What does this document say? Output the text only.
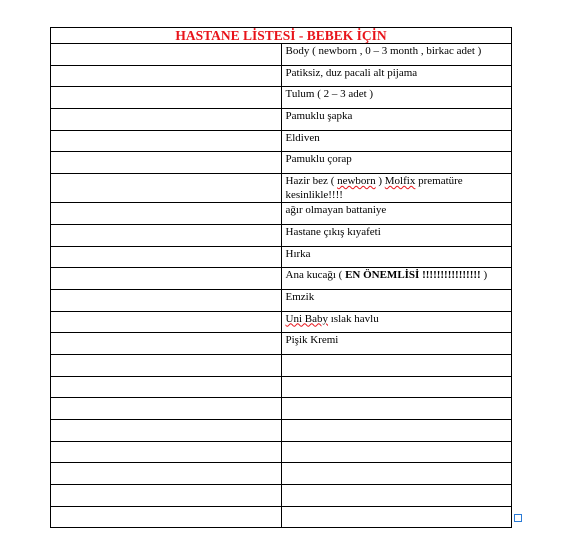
HASTANE LİSTESİ - BEBEK İÇİN	
	Body ( newborn , 0 – 3 month , birkac adet )
	Patiksiz, duz pacali alt pijama
	Tulum ( 2 – 3 adet )
	Pamuklu şapka
	Eldiven
	Pamuklu çorap
	Hazir bez ( newborn ) Molfix prematüre kesinlikle!!!!
	ağır olmayan battaniye
	Hastane çıkış kıyafeti
	Hırka
	Ana kucağı ( EN ÖNEMLİSİ !!!!!!!!!!!!!!!! )
	Emzik
	Uni Baby ıslak havlu
	Pişik Kremi
